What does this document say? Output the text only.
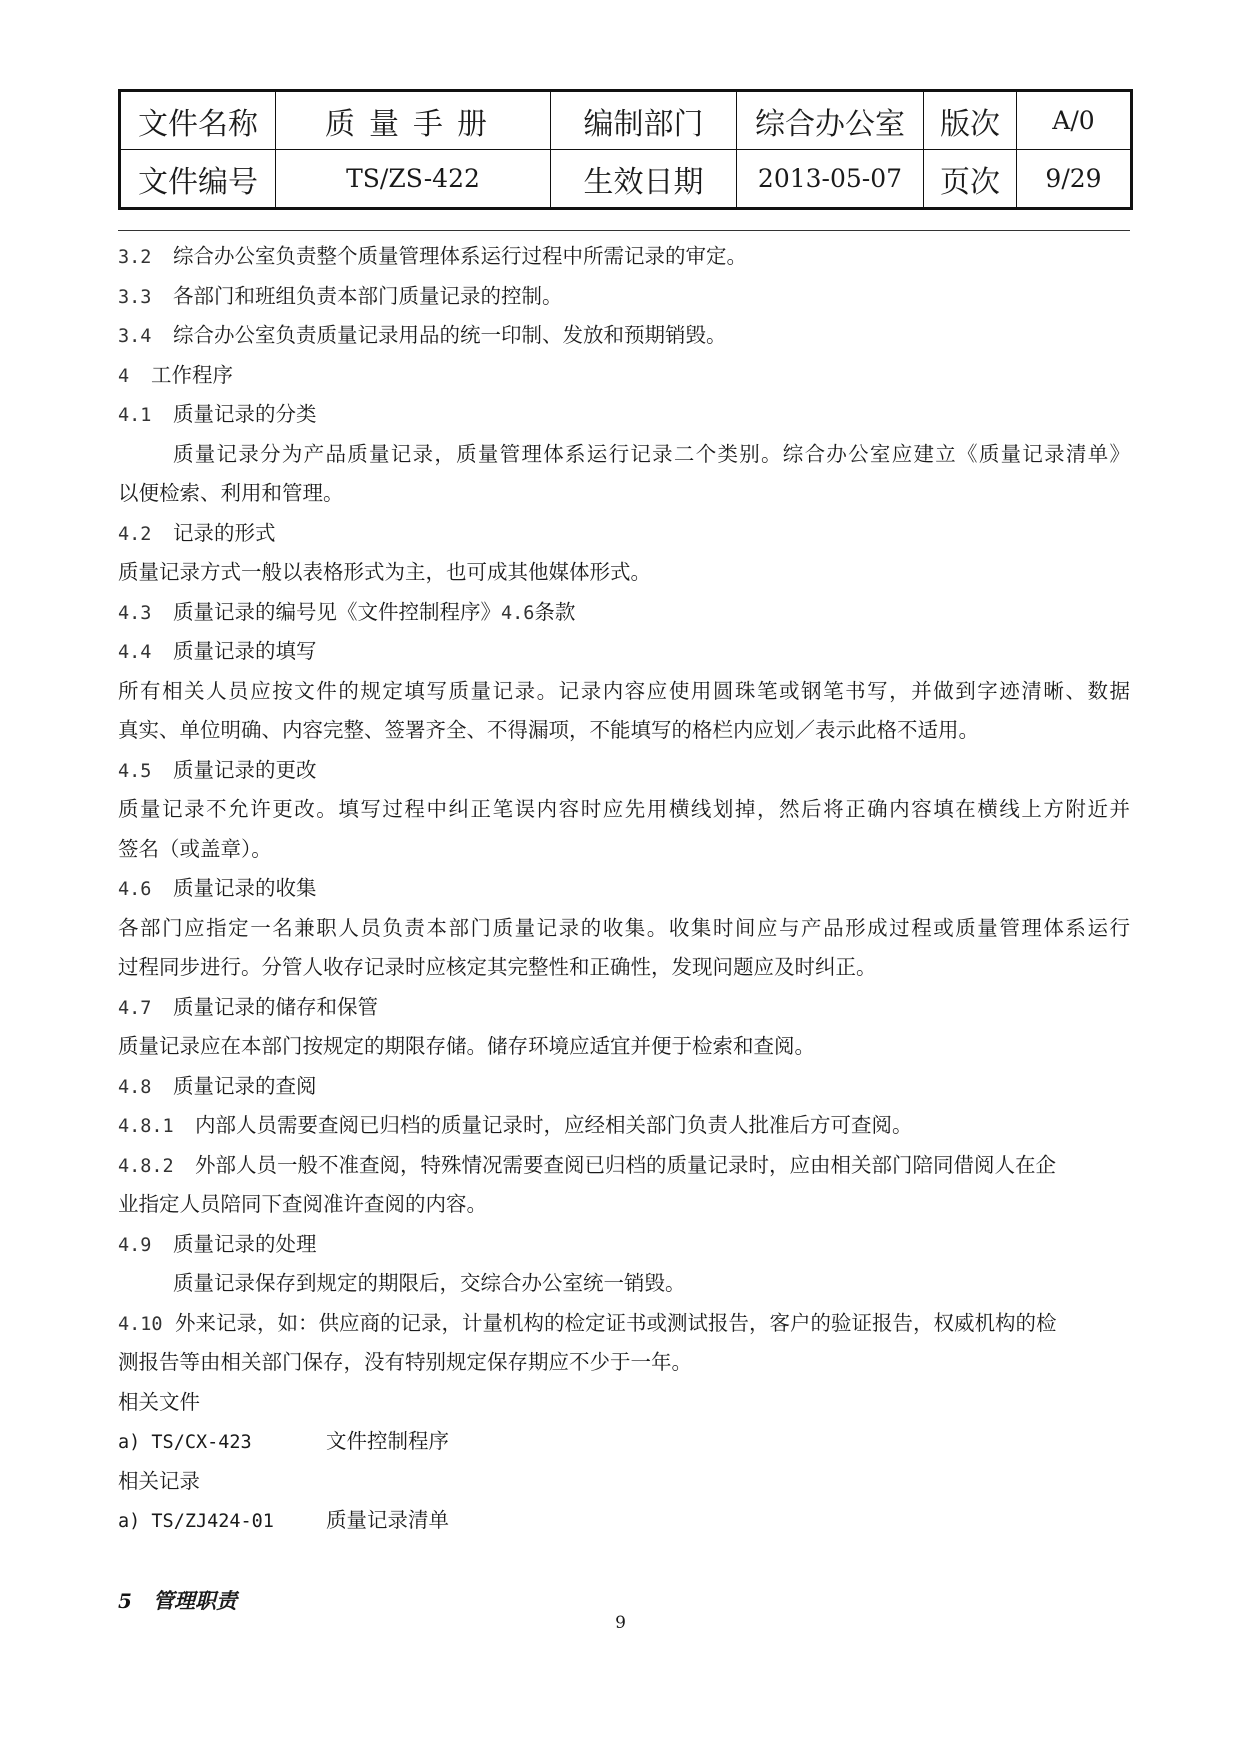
文件名称	质量手册	编制部门	综合办公室	版次	A/0
文件编号	TS/ZS-422	生效日期	2013-05-07	页次	9/29
3.2 综合办公室负责整个质量管理体系运行过程中所需记录的审定。
3.3 各部门和班组负责本部门质量记录的控制。
3.4 综合办公室负责质量记录用品的统一印制、发放和预期销毁。
4 工作程序
4.1 质量记录的分类
质量记录分为产品质量记录，质量管理体系运行记录二个类别。综合办公室应建立《质量记录清单》
以便检索、利用和管理。
4.2 记录的形式
质量记录方式一般以表格形式为主，也可成其他媒体形式。
4.3 质量记录的编号见《文件控制程序》4.6条款
4.4 质量记录的填写
所有相关人员应按文件的规定填写质量记录。记录内容应使用圆珠笔或钢笔书写，并做到字迹清晰、数据
真实、单位明确、内容完整、签署齐全、不得漏项，不能填写的格栏内应划／表示此格不适用。
4.5 质量记录的更改
质量记录不允许更改。填写过程中纠正笔误内容时应先用横线划掉，然后将正确内容填在横线上方附近并
签名（或盖章）。
4.6 质量记录的收集
各部门应指定一名兼职人员负责本部门质量记录的收集。收集时间应与产品形成过程或质量管理体系运行
过程同步进行。分管人收存记录时应核定其完整性和正确性，发现问题应及时纠正。
4.7 质量记录的储存和保管
质量记录应在本部门按规定的期限存储。储存环境应适宜并便于检索和查阅。
4.8 质量记录的查阅
4.8.1 内部人员需要查阅已归档的质量记录时，应经相关部门负责人批准后方可查阅。
4.8.2 外部人员一般不准查阅，特殊情况需要查阅已归档的质量记录时，应由相关部门陪同借阅人在企
业指定人员陪同下查阅准许查阅的内容。
4.9 质量记录的处理
质量记录保存到规定的期限后，交综合办公室统一销毁。
4.10 外来记录，如：供应商的记录，计量机构的检定证书或测试报告，客户的验证报告，权威机构的检
测报告等由相关部门保存，没有特别规定保存期应不少于一年。
相关文件
a) TS/CX-423	文件控制程序
相关记录
a) TS/ZJ424-01	质量记录清单
5 管理职责
9
